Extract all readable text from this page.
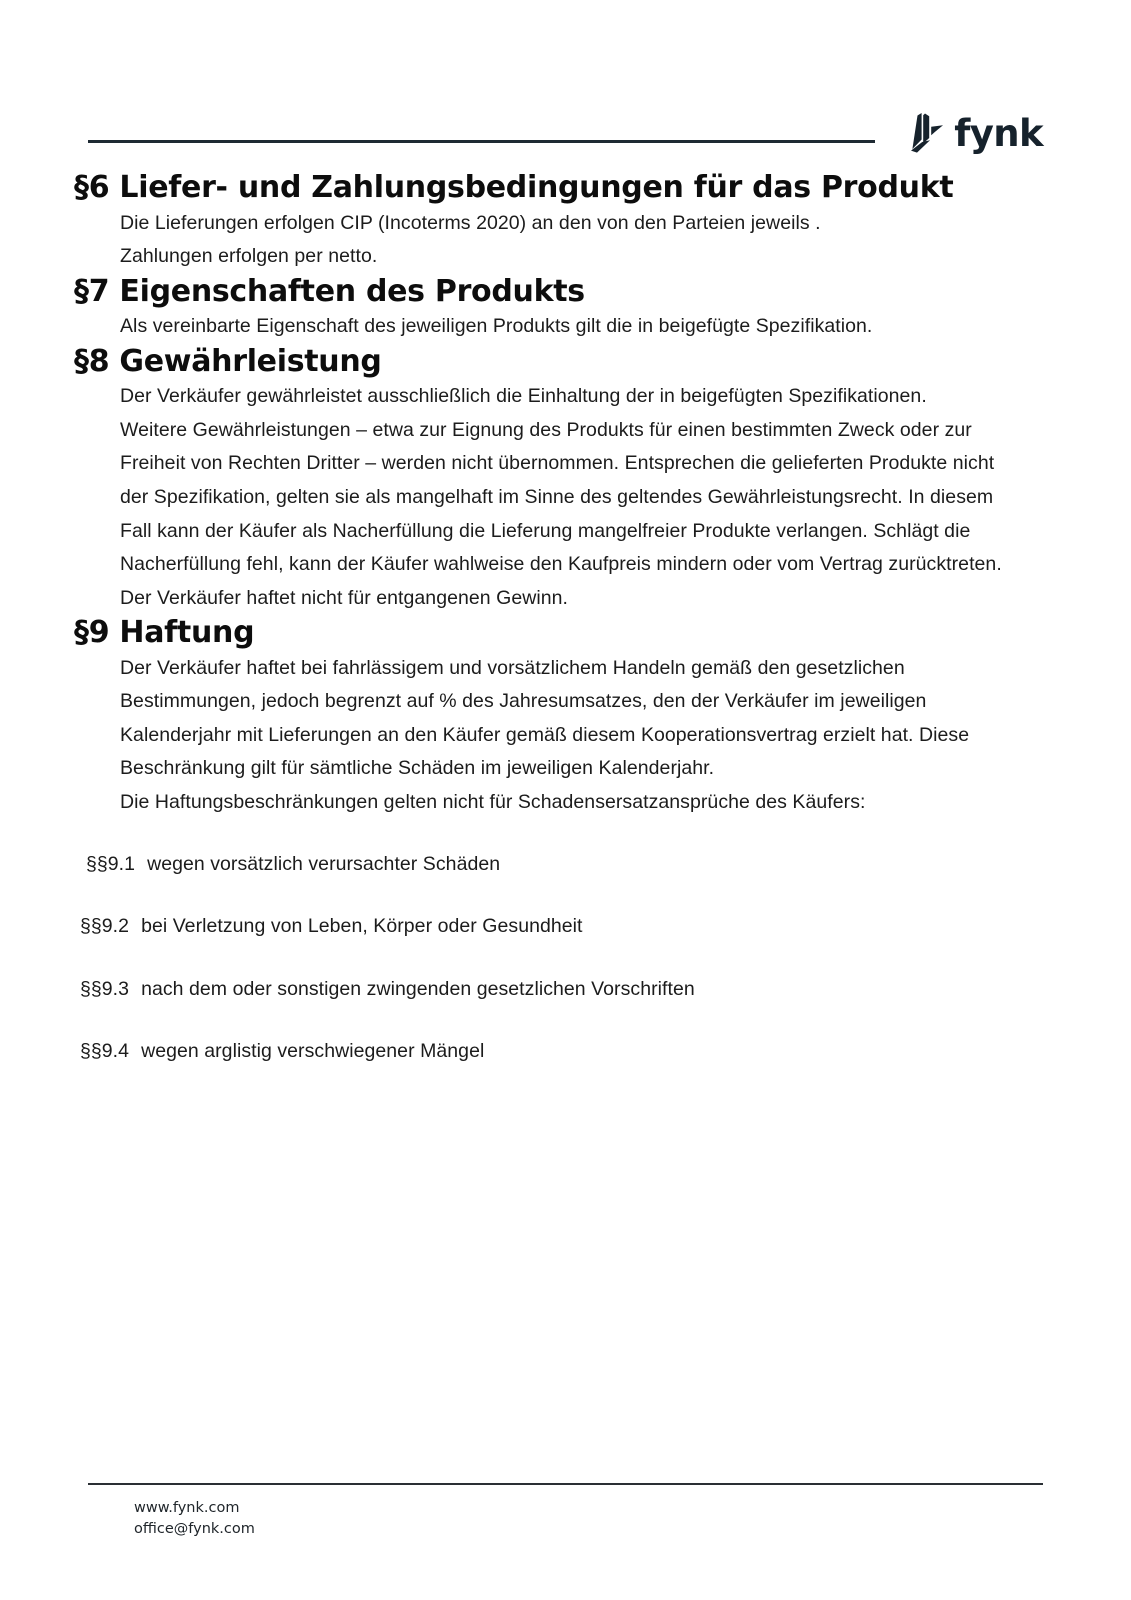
fynk
§6 Liefer- und Zahlungsbedingungen für das Produkt

Die Lieferungen erfolgen CIP (Incoterms 2020) an den von den Parteien jeweils .

Zahlungen erfolgen per netto.

§7 Eigenschaften des Produkts

Als vereinbarte Eigenschaft des jeweiligen Produkts gilt die in beigefügte Spezifikation.

§8 Gewährleistung

Der Verkäufer gewährleistet ausschließlich die Einhaltung der in beigefügten Spezifikationen.

Weitere Gewährleistungen – etwa zur Eignung des Produkts für einen bestimmten Zweck oder zur Freiheit von Rechten Dritter – werden nicht übernommen. Entsprechen die gelieferten Produkte nicht der Spezifikation, gelten sie als mangelhaft im Sinne des geltendes Gewährleistungsrecht. In diesem Fall kann der Käufer als Nacherfüllung die Lieferung mangelfreier Produkte verlangen. Schlägt die Nacherfüllung fehl, kann der Käufer wahlweise den Kaufpreis mindern oder vom Vertrag zurücktreten.

Der Verkäufer haftet nicht für entgangenen Gewinn.

§9 Haftung

Der Verkäufer haftet bei fahrlässigem und vorsätzlichem Handeln gemäß den gesetzlichen Bestimmungen, jedoch begrenzt auf % des Jahresumsatzes, den der Verkäufer im jeweiligen Kalenderjahr mit Lieferungen an den Käufer gemäß diesem Kooperationsvertrag erzielt hat. Diese Beschränkung gilt für sämtliche Schäden im jeweiligen Kalenderjahr.

Die Haftungsbeschränkungen gelten nicht für Schadensersatzansprüche des Käufers:

§§9.1 wegen vorsätzlich verursachter Schäden
§§9.2 bei Verletzung von Leben, Körper oder Gesundheit
§§9.3 nach dem oder sonstigen zwingenden gesetzlichen Vorschriften
§§9.4 wegen arglistig verschwiegener Mängel
www.fynk.com
office@fynk.com
